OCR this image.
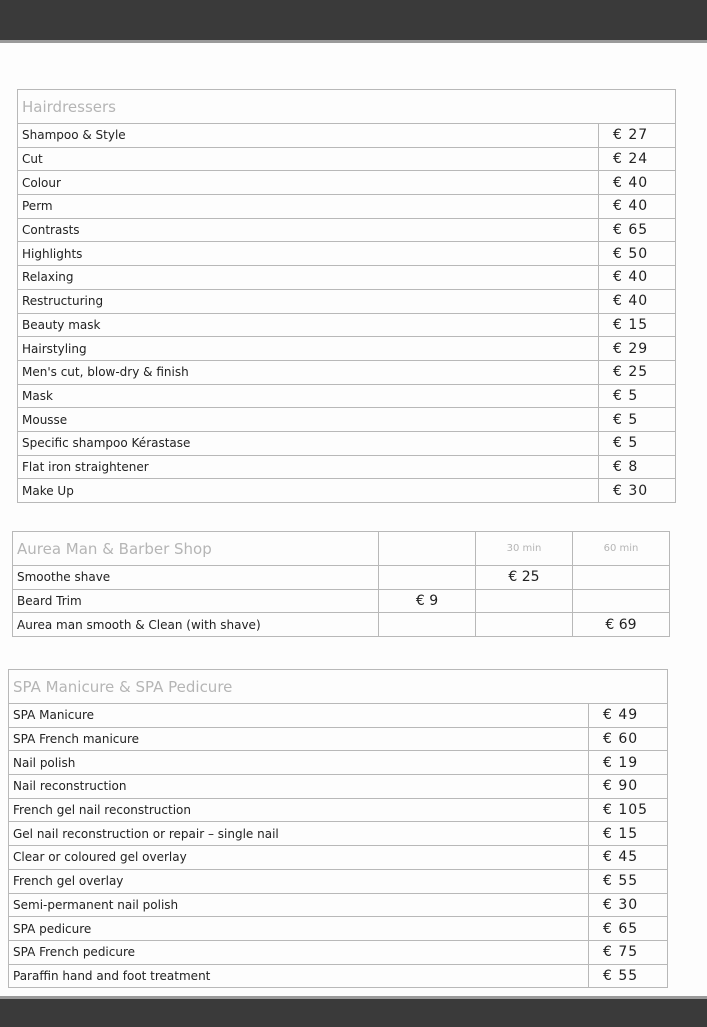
Hairdressers	
Shampoo & Style	€ 27
Cut	€ 24
Colour	€ 40
Perm	€ 40
Contrasts	€ 65
Highlights	€ 50
Relaxing	€ 40
Restructuring	€ 40
Beauty mask	€ 15
Hairstyling	€ 29
Men's cut, blow-dry & finish	€ 25
Mask	€ 5
Mousse	€ 5
Specific shampoo Kérastase	€ 5
Flat iron straightener	€ 8
Make Up	€ 30
Aurea Man & Barber Shop		30 min	60 min
Smoothe shave		€ 25	
Beard Trim	€ 9		
Aurea man smooth & Clean (with shave)			€ 69
SPA Manicure & SPA Pedicure	
SPA Manicure	€ 49
SPA French manicure	€ 60
Nail polish	€ 19
Nail reconstruction	€ 90
French gel nail reconstruction	€ 105
Gel nail reconstruction or repair – single nail	€ 15
Clear or coloured gel overlay	€ 45
French gel overlay	€ 55
Semi-permanent nail polish	€ 30
SPA pedicure	€ 65
SPA French pedicure	€ 75
Paraffin hand and foot treatment	€ 55
